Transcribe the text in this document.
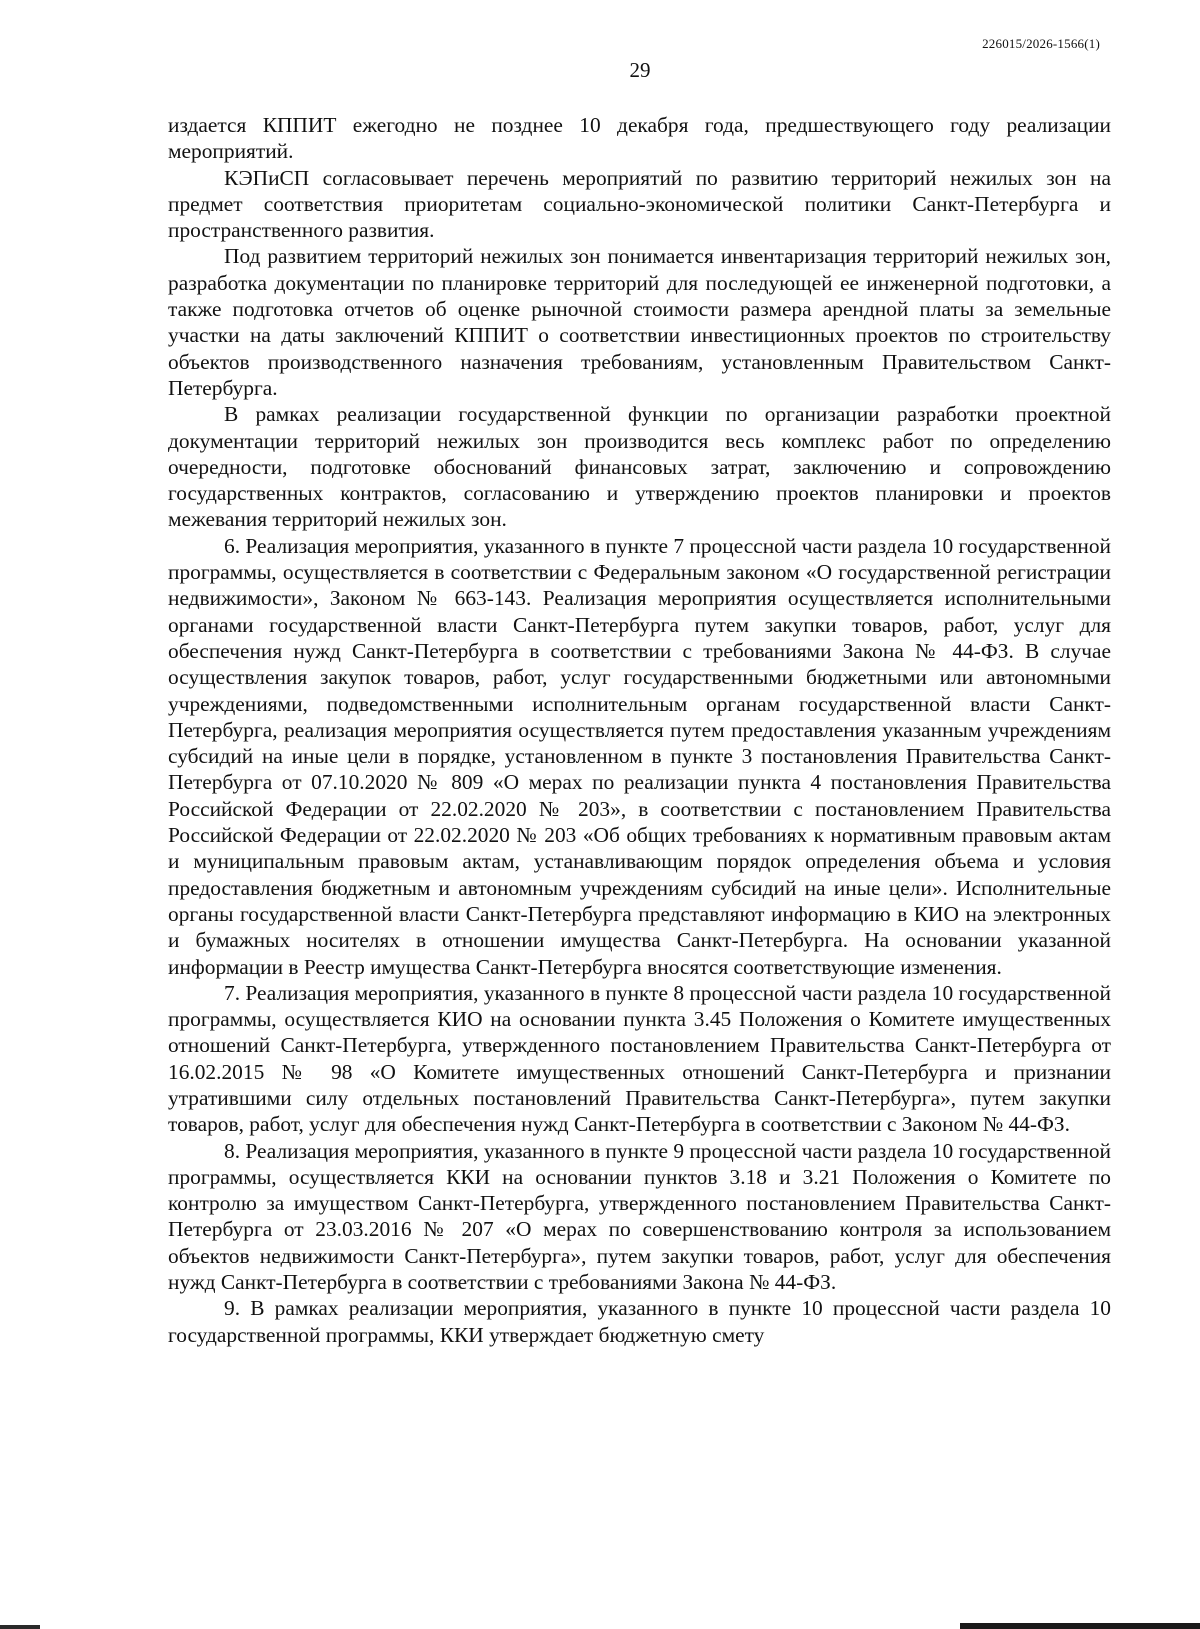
226015/2026-1566(1)
29

издается КППИТ ежегодно не позднее 10 декабря года, предшествующего году реализации мероприятий.

КЭПиСП согласовывает перечень мероприятий по развитию территорий нежилых зон на предмет соответствия приоритетам социально-экономической политики Санкт-Петербурга и пространственного развития.

Под развитием территорий нежилых зон понимается инвентаризация территорий нежилых зон, разработка документации по планировке территорий для последующей ее инженерной подготовки, а также подготовка отчетов об оценке рыночной стоимости размера арендной платы за земельные участки на даты заключений КППИТ о соответствии инвестиционных проектов по строительству объектов производственного назначения требованиям, установленным Правительством Санкт-Петербурга.

В рамках реализации государственной функции по организации разработки проектной документации территорий нежилых зон производится весь комплекс работ по определению очередности, подготовке обоснований финансовых затрат, заключению и сопровождению государственных контрактов, согласованию и утверждению проектов планировки и проектов межевания территорий нежилых зон.

6. Реализация мероприятия, указанного в пункте 7 процессной части раздела 10 государственной программы, осуществляется в соответствии с Федеральным законом «О государственной регистрации недвижимости», Законом № 663-143. Реализация мероприятия осуществляется исполнительными органами государственной власти Санкт-Петербурга путем закупки товаров, работ, услуг для обеспечения нужд Санкт-Петербурга в соответствии с требованиями Закона № 44-ФЗ. В случае осуществления закупок товаров, работ, услуг государственными бюджетными или автономными учреждениями, подведомственными исполнительным органам государственной власти Санкт-Петербурга, реализация мероприятия осуществляется путем предоставления указанным учреждениям субсидий на иные цели в порядке, установленном в пункте 3 постановления Правительства Санкт-Петербурга от 07.10.2020 № 809 «О мерах по реализации пункта 4 постановления Правительства Российской Федерации от 22.02.2020 № 203», в соответствии с постановлением Правительства Российской Федерации от 22.02.2020 № 203 «Об общих требованиях к нормативным правовым актам и муниципальным правовым актам, устанавливающим порядок определения объема и условия предоставления бюджетным и автономным учреждениям субсидий на иные цели». Исполнительные органы государственной власти Санкт-Петербурга представляют информацию в КИО на электронных и бумажных носителях в отношении имущества Санкт-Петербурга. На основании указанной информации в Реестр имущества Санкт-Петербурга вносятся соответствующие изменения.

7. Реализация мероприятия, указанного в пункте 8 процессной части раздела 10 государственной программы, осуществляется КИО на основании пункта 3.45 Положения о Комитете имущественных отношений Санкт-Петербурга, утвержденного постановлением Правительства Санкт-Петербурга от 16.02.2015 № 98 «О Комитете имущественных отношений Санкт-Петербурга и признании утратившими силу отдельных постановлений Правительства Санкт-Петербурга», путем закупки товаров, работ, услуг для обеспечения нужд Санкт-Петербурга в соответствии с Законом № 44-ФЗ.

8. Реализация мероприятия, указанного в пункте 9 процессной части раздела 10 государственной программы, осуществляется ККИ на основании пунктов 3.18 и 3.21 Положения о Комитете по контролю за имуществом Санкт-Петербурга, утвержденного постановлением Правительства Санкт-Петербурга от 23.03.2016 № 207 «О мерах по совершенствованию контроля за использованием объектов недвижимости Санкт-Петербурга», путем закупки товаров, работ, услуг для обеспечения нужд Санкт-Петербурга в соответствии с требованиями Закона № 44-ФЗ.

9. В рамках реализации мероприятия, указанного в пункте 10 процессной части раздела 10 государственной программы, ККИ утверждает бюджетную смету
